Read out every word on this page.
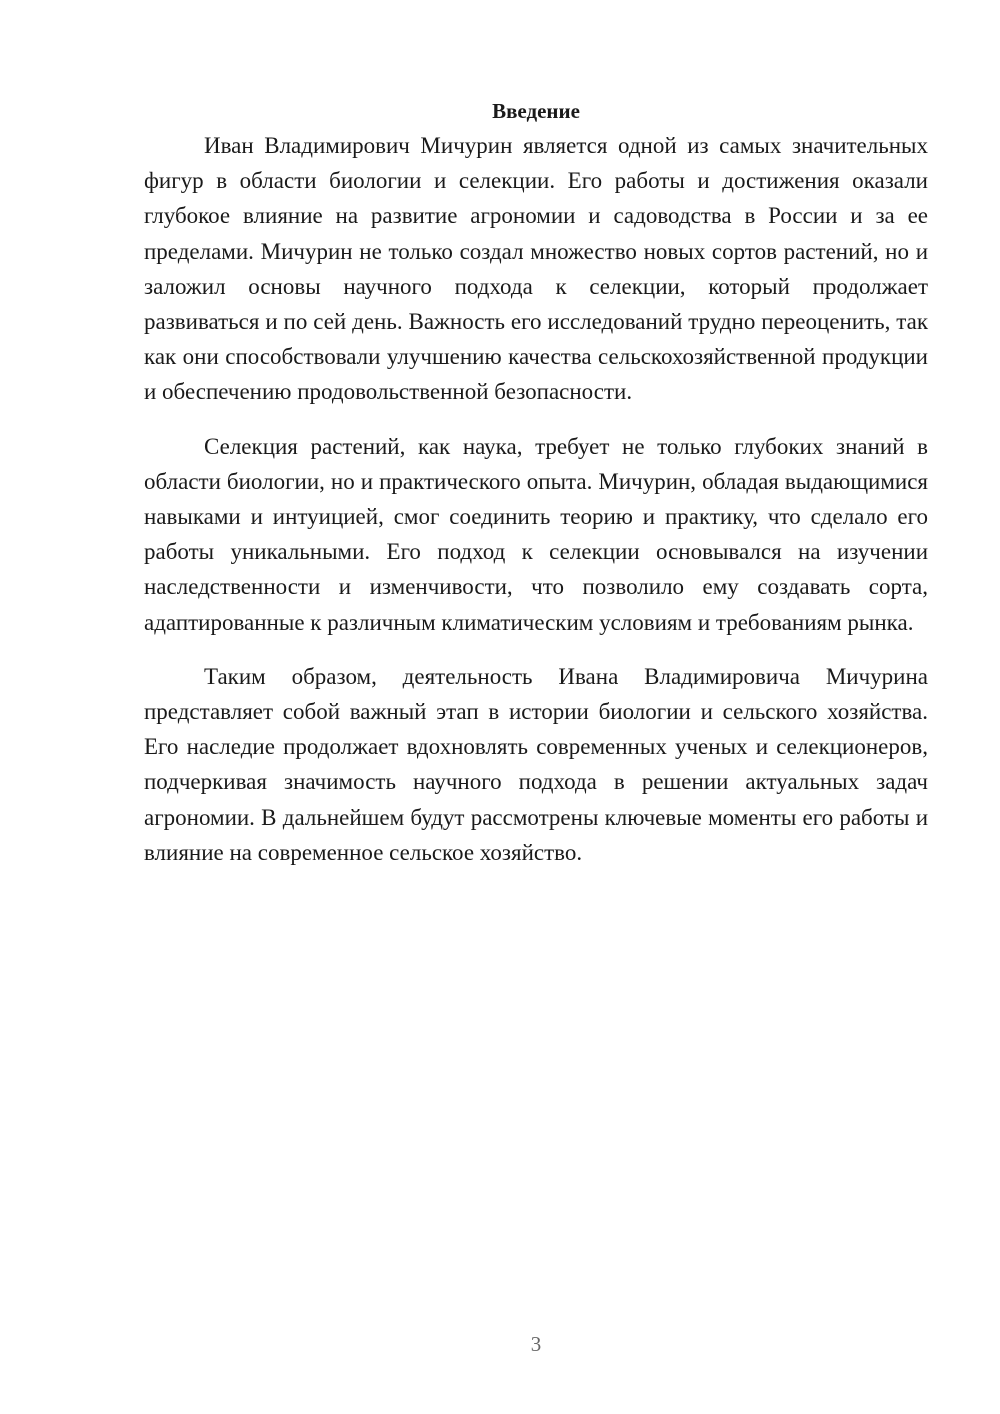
Введение

Иван Владимирович Мичурин является одной из самых значительных фигур в области биологии и селекции. Его работы и достижения оказали глубокое влияние на развитие агрономии и садоводства в России и за ее пределами. Мичурин не только создал множество новых сортов растений, но и заложил основы научного подхода к селекции, который продолжает развиваться и по сей день. Важность его исследований трудно переоценить, так как они способствовали улучшению качества сельскохозяйственной продукции и обеспечению продовольственной безопасности.

Селекция растений, как наука, требует не только глубоких знаний в области биологии, но и практического опыта. Мичурин, обладая выдающимися навыками и интуицией, смог соединить теорию и практику, что сделало его работы уникальными. Его подход к селекции основывался на изучении наследственности и изменчивости, что позволило ему создавать сорта, адаптированные к различным климатическим условиям и требованиям рынка.

Таким образом, деятельность Ивана Владимировича Мичурина представляет собой важный этап в истории биологии и сельского хозяйства. Его наследие продолжает вдохновлять современных ученых и селекционеров, подчеркивая значимость научного подхода в решении актуальных задач агрономии. В дальнейшем будут рассмотрены ключевые моменты его работы и влияние на современное сельское хозяйство.

3
